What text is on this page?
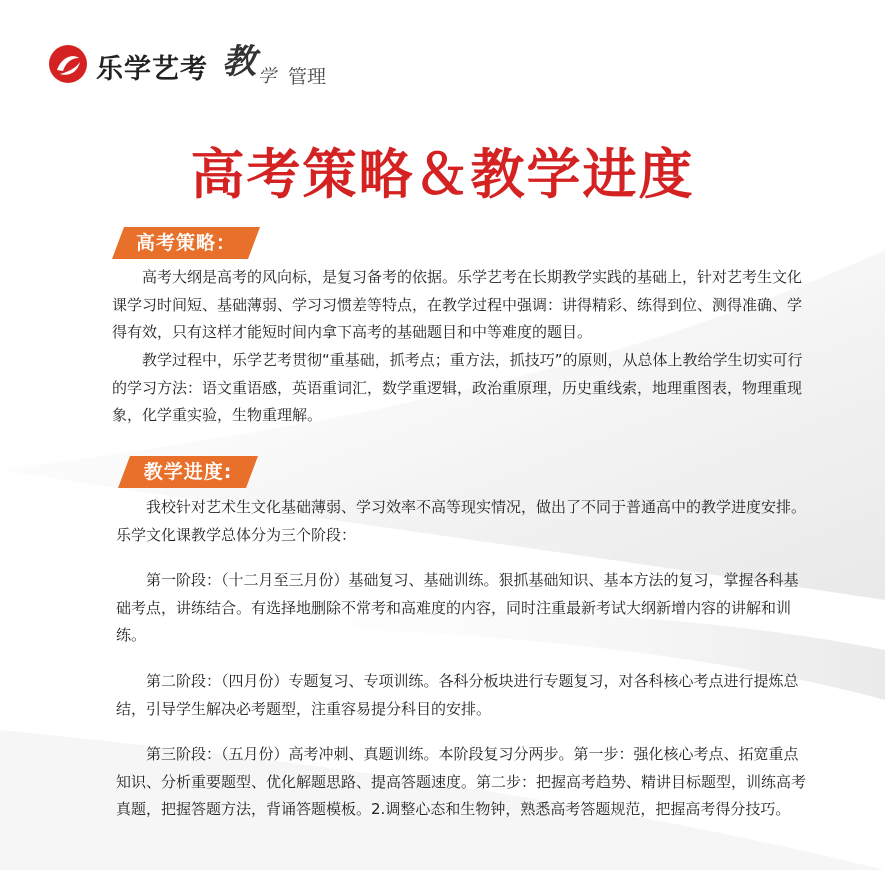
乐学艺考 教 学 管理
高考策略＆教学进度
高考策略：

高考大纲是高考的风向标，是复习备考的依据。乐学艺考在长期教学实践的基础上，针对艺考生文化课学习时间短、基础薄弱、学习习惯差等特点，在教学过程中强调：讲得精彩、练得到位、测得准确、学得有效，只有这样才能短时间内拿下高考的基础题目和中等难度的题目。

教学过程中，乐学艺考贯彻“重基础，抓考点；重方法，抓技巧”的原则，从总体上教给学生切实可行的学习方法：语文重语感，英语重词汇，数学重逻辑，政治重原理，历史重线索，地理重图表，物理重现象，化学重实验，生物重理解。

教学进度:

我校针对艺术生文化基础薄弱、学习效率不高等现实情况，做出了不同于普通高中的教学进度安排。乐学文化课教学总体分为三个阶段：

第一阶段：（十二月至三月份）基础复习、基础训练。狠抓基础知识、基本方法的复习，掌握各科基础考点，讲练结合。有选择地删除不常考和高难度的内容，同时注重最新考试大纲新增内容的讲解和训练。

第二阶段：（四月份）专题复习、专项训练。各科分板块进行专题复习，对各科核心考点进行提炼总结，引导学生解决必考题型，注重容易提分科目的安排。

第三阶段：（五月份）高考冲刺、真题训练。本阶段复习分两步。第一步：强化核心考点、拓宽重点知识、分析重要题型、优化解题思路、提高答题速度。第二步：把握高考趋势、精讲目标题型，训练高考真题，把握答题方法，背诵答题模板。2.调整心态和生物钟，熟悉高考答题规范，把握高考得分技巧。
